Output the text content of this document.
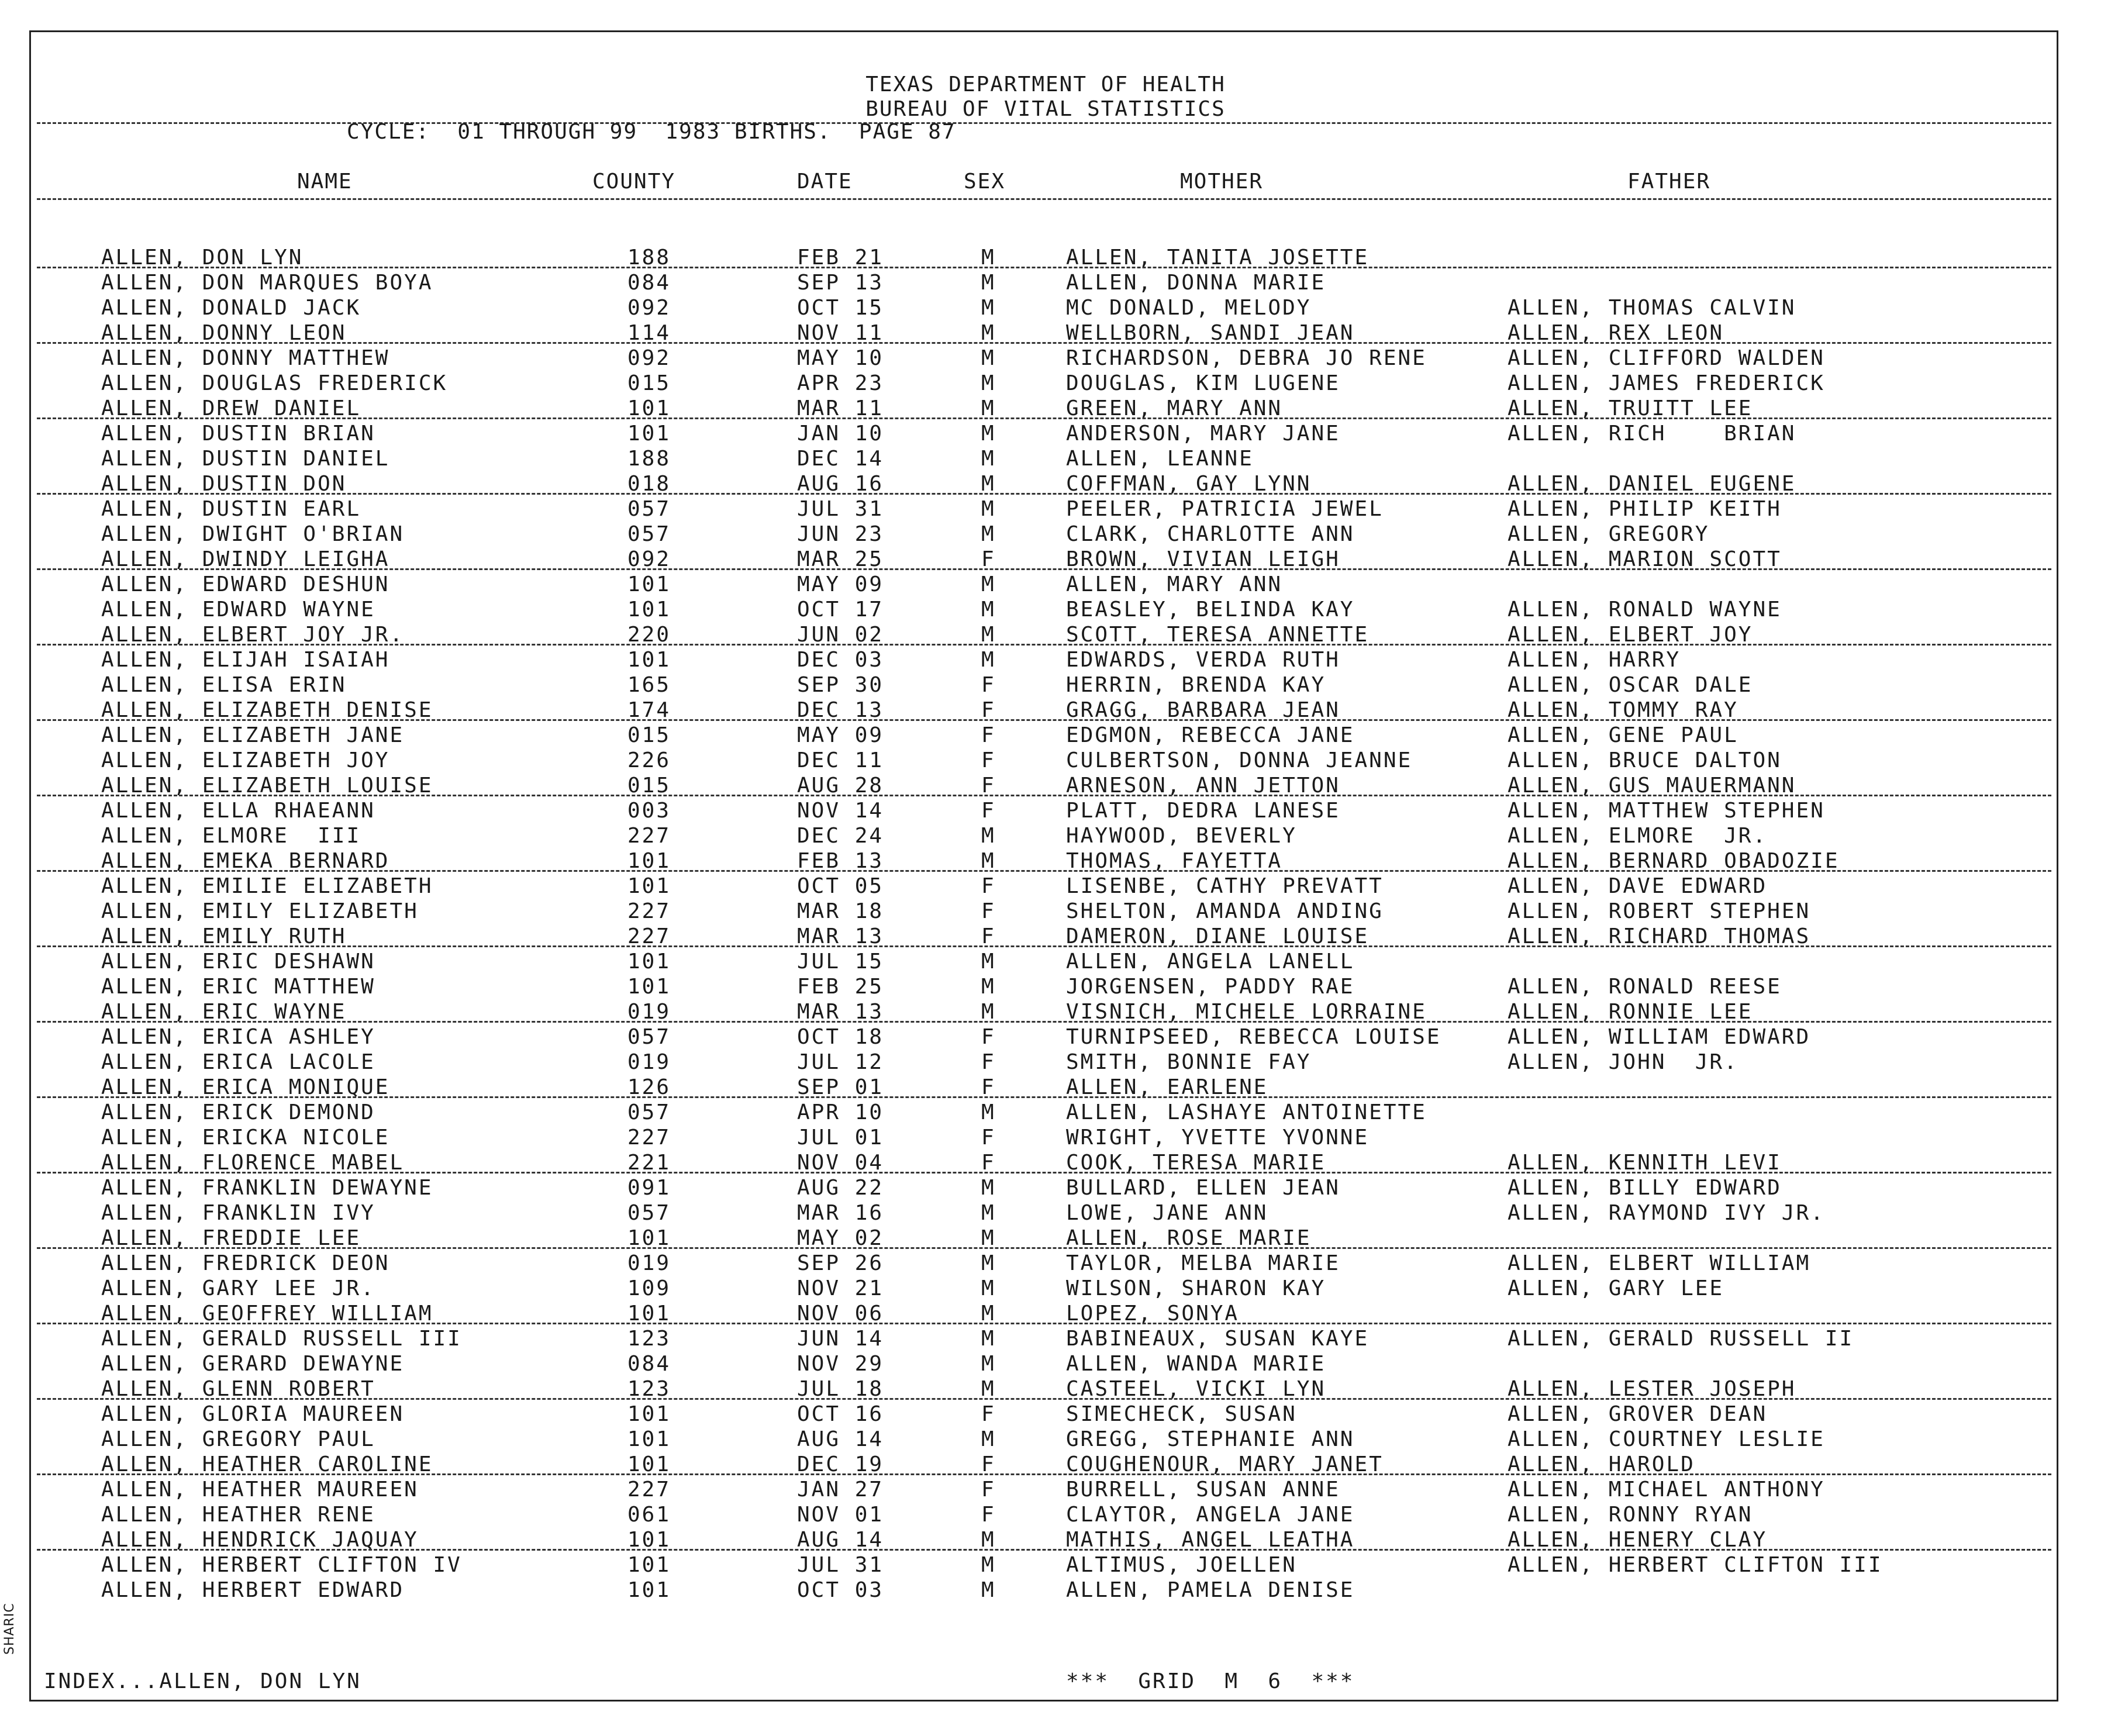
TEXAS DEPARTMENT OF HEALTH
BUREAU OF VITAL STATISTICS
CYCLE:  01 THROUGH 99  1983 BIRTHS.  PAGE 87
NAME	COUNTY	DATE	SEX	MOTHER	FATHER
ALLEN, DON LYN	188	FEB 21	M	ALLEN, TANITA JOSETTE
ALLEN, DON MARQUES BOYA	084	SEP 13	M	ALLEN, DONNA MARIE
ALLEN, DONALD JACK	092	OCT 15	M	MC DONALD, MELODY	ALLEN, THOMAS CALVIN
ALLEN, DONNY LEON	114	NOV 11	M	WELLBORN, SANDI JEAN	ALLEN, REX LEON
ALLEN, DONNY MATTHEW	092	MAY 10	M	RICHARDSON, DEBRA JO RENE	ALLEN, CLIFFORD WALDEN
ALLEN, DOUGLAS FREDERICK	015	APR 23	M	DOUGLAS, KIM LUGENE	ALLEN, JAMES FREDERICK
ALLEN, DREW DANIEL	101	MAR 11	M	GREEN, MARY ANN	ALLEN, TRUITT LEE
ALLEN, DUSTIN BRIAN	101	JAN 10	M	ANDERSON, MARY JANE	ALLEN, RICH    BRIAN
ALLEN, DUSTIN DANIEL	188	DEC 14	M	ALLEN, LEANNE
ALLEN, DUSTIN DON	018	AUG 16	M	COFFMAN, GAY LYNN	ALLEN, DANIEL EUGENE
ALLEN, DUSTIN EARL	057	JUL 31	M	PEELER, PATRICIA JEWEL	ALLEN, PHILIP KEITH
ALLEN, DWIGHT O'BRIAN	057	JUN 23	M	CLARK, CHARLOTTE ANN	ALLEN, GREGORY
ALLEN, DWINDY LEIGHA	092	MAR 25	F	BROWN, VIVIAN LEIGH	ALLEN, MARION SCOTT
ALLEN, EDWARD DESHUN	101	MAY 09	M	ALLEN, MARY ANN
ALLEN, EDWARD WAYNE	101	OCT 17	M	BEASLEY, BELINDA KAY	ALLEN, RONALD WAYNE
ALLEN, ELBERT JOY JR.	220	JUN 02	M	SCOTT, TERESA ANNETTE	ALLEN, ELBERT JOY
ALLEN, ELIJAH ISAIAH	101	DEC 03	M	EDWARDS, VERDA RUTH	ALLEN, HARRY
ALLEN, ELISA ERIN	165	SEP 30	F	HERRIN, BRENDA KAY	ALLEN, OSCAR DALE
ALLEN, ELIZABETH DENISE	174	DEC 13	F	GRAGG, BARBARA JEAN	ALLEN, TOMMY RAY
ALLEN, ELIZABETH JANE	015	MAY 09	F	EDGMON, REBECCA JANE	ALLEN, GENE PAUL
ALLEN, ELIZABETH JOY	226	DEC 11	F	CULBERTSON, DONNA JEANNE	ALLEN, BRUCE DALTON
ALLEN, ELIZABETH LOUISE	015	AUG 28	F	ARNESON, ANN JETTON	ALLEN, GUS MAUERMANN
ALLEN, ELLA RHAEANN	003	NOV 14	F	PLATT, DEDRA LANESE	ALLEN, MATTHEW STEPHEN
ALLEN, ELMORE  III	227	DEC 24	M	HAYWOOD, BEVERLY	ALLEN, ELMORE  JR.
ALLEN, EMEKA BERNARD	101	FEB 13	M	THOMAS, FAYETTA	ALLEN, BERNARD OBADOZIE
ALLEN, EMILIE ELIZABETH	101	OCT 05	F	LISENBE, CATHY PREVATT	ALLEN, DAVE EDWARD
ALLEN, EMILY ELIZABETH	227	MAR 18	F	SHELTON, AMANDA ANDING	ALLEN, ROBERT STEPHEN
ALLEN, EMILY RUTH	227	MAR 13	F	DAMERON, DIANE LOUISE	ALLEN, RICHARD THOMAS
ALLEN, ERIC DESHAWN	101	JUL 15	M	ALLEN, ANGELA LANELL
ALLEN, ERIC MATTHEW	101	FEB 25	M	JORGENSEN, PADDY RAE	ALLEN, RONALD REESE
ALLEN, ERIC WAYNE	019	MAR 13	M	VISNICH, MICHELE LORRAINE	ALLEN, RONNIE LEE
ALLEN, ERICA ASHLEY	057	OCT 18	F	TURNIPSEED, REBECCA LOUISE	ALLEN, WILLIAM EDWARD
ALLEN, ERICA LACOLE	019	JUL 12	F	SMITH, BONNIE FAY	ALLEN, JOHN  JR.
ALLEN, ERICA MONIQUE	126	SEP 01	F	ALLEN, EARLENE
ALLEN, ERICK DEMOND	057	APR 10	M	ALLEN, LASHAYE ANTOINETTE
ALLEN, ERICKA NICOLE	227	JUL 01	F	WRIGHT, YVETTE YVONNE
ALLEN, FLORENCE MABEL	221	NOV 04	F	COOK, TERESA MARIE	ALLEN, KENNITH LEVI
ALLEN, FRANKLIN DEWAYNE	091	AUG 22	M	BULLARD, ELLEN JEAN	ALLEN, BILLY EDWARD
ALLEN, FRANKLIN IVY	057	MAR 16	M	LOWE, JANE ANN	ALLEN, RAYMOND IVY JR.
ALLEN, FREDDIE LEE	101	MAY 02	M	ALLEN, ROSE MARIE
ALLEN, FREDRICK DEON	019	SEP 26	M	TAYLOR, MELBA MARIE	ALLEN, ELBERT WILLIAM
ALLEN, GARY LEE JR.	109	NOV 21	M	WILSON, SHARON KAY	ALLEN, GARY LEE
ALLEN, GEOFFREY WILLIAM	101	NOV 06	M	LOPEZ, SONYA
ALLEN, GERALD RUSSELL III	123	JUN 14	M	BABINEAUX, SUSAN KAYE	ALLEN, GERALD RUSSELL II
ALLEN, GERARD DEWAYNE	084	NOV 29	M	ALLEN, WANDA MARIE
ALLEN, GLENN ROBERT	123	JUL 18	M	CASTEEL, VICKI LYN	ALLEN, LESTER JOSEPH
ALLEN, GLORIA MAUREEN	101	OCT 16	F	SIMECHECK, SUSAN	ALLEN, GROVER DEAN
ALLEN, GREGORY PAUL	101	AUG 14	M	GREGG, STEPHANIE ANN	ALLEN, COURTNEY LESLIE
ALLEN, HEATHER CAROLINE	101	DEC 19	F	COUGHENOUR, MARY JANET	ALLEN, HAROLD
ALLEN, HEATHER MAUREEN	227	JAN 27	F	BURRELL, SUSAN ANNE	ALLEN, MICHAEL ANTHONY
ALLEN, HEATHER RENE	061	NOV 01	F	CLAYTOR, ANGELA JANE	ALLEN, RONNY RYAN
ALLEN, HENDRICK JAQUAY	101	AUG 14	M	MATHIS, ANGEL LEATHA	ALLEN, HENERY CLAY
ALLEN, HERBERT CLIFTON IV	101	JUL 31	M	ALTIMUS, JOELLEN	ALLEN, HERBERT CLIFTON III
ALLEN, HERBERT EDWARD	101	OCT 03	M	ALLEN, PAMELA DENISE
INDEX...ALLEN, DON LYN	***  GRID  M  6  ***
SHARIC
